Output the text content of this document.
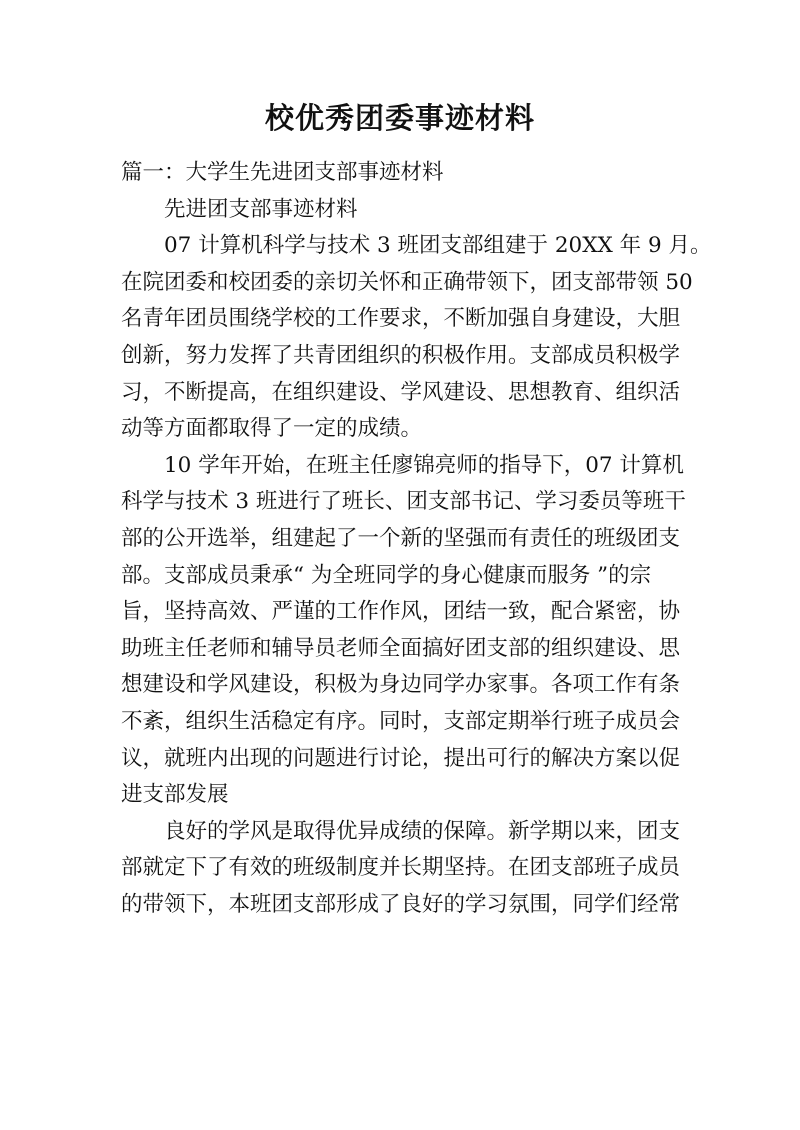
校优秀团委事迹材料
篇一：大学生先进团支部事迹材料
先进团支部事迹材料
07 计算机科学与技术 3 班团支部组建于 20XX 年 9 月。
在院团委和校团委的亲切关怀和正确带领下，团支部带领 50
名青年团员围绕学校的工作要求，不断加强自身建设，大胆
创新，努力发挥了共青团组织的积极作用。支部成员积极学
习，不断提高，在组织建设、学风建设、思想教育、组织活
动等方面都取得了一定的成绩。
10 学年开始，在班主任廖锦亮师的指导下，07 计算机
科学与技术 3 班进行了班长、团支部书记、学习委员等班干
部的公开选举，组建起了一个新的坚强而有责任的班级团支
部。支部成员秉承“ 为全班同学的身心健康而服务 ”的宗
旨，坚持高效、严谨的工作作风，团结一致，配合紧密，协
助班主任老师和辅导员老师全面搞好团支部的组织建设、思
想建设和学风建设，积极为身边同学办家事。各项工作有条
不紊，组织生活稳定有序。同时，支部定期举行班子成员会
议，就班内出现的问题进行讨论，提出可行的解决方案以促
进支部发展
良好的学风是取得优异成绩的保障。新学期以来，团支
部就定下了有效的班级制度并长期坚持。在团支部班子成员
的带领下，本班团支部形成了良好的学习氛围，同学们经常
